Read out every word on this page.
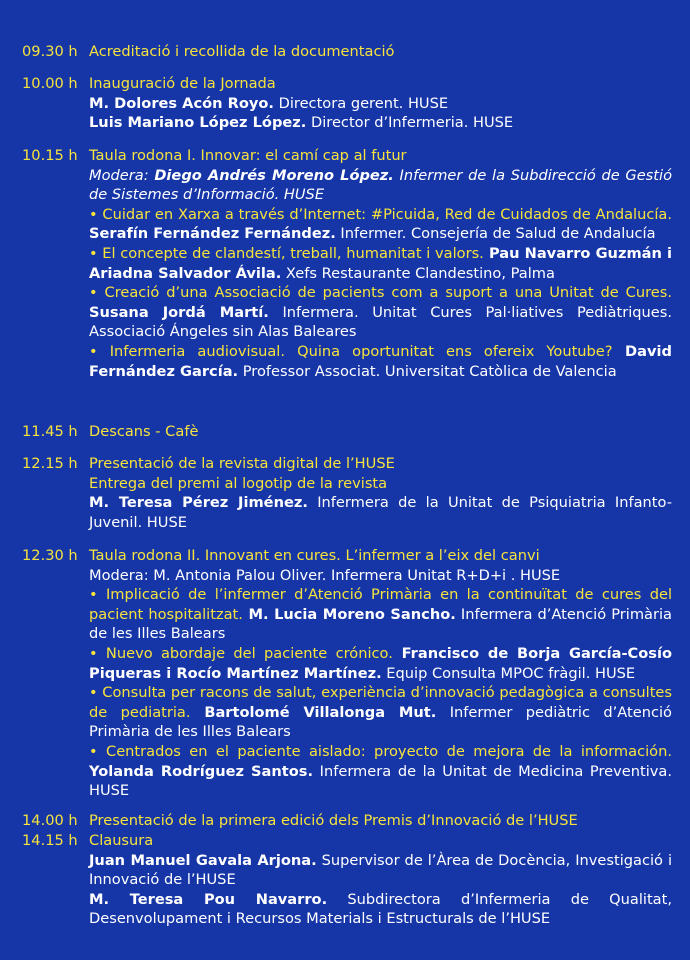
09.30 h Acreditació i recollida de la documentació
10.00 h Inauguració de la Jornada
M. Dolores Acón Royo. Directora gerent. HUSE
Luis Mariano López López. Director d’Infermeria. HUSE
10.15 h Taula rodona I. Innovar: el camí cap al futur
Modera: Diego Andrés Moreno López. Infermer de la Subdirecció de Gestió de Sistemes d’Informació. HUSE
• Cuidar en Xarxa a través d’Internet: #Picuida, Red de Cuidados de Andalucía. Serafín Fernández Fernández. Infermer. Consejería de Salud de Andalucía
• El concepte de clandestí, treball, humanitat i valors. Pau Navarro Guzmán i Ariadna Salvador Ávila. Xefs Restaurante Clandestino, Palma
• Creació d’una Associació de pacients com a suport a una Unitat de Cures. Susana Jordá Martí. Infermera. Unitat Cures Pal·liatives Pediàtriques. Associació Ángeles sin Alas Baleares
• Infermeria audiovisual. Quina oportunitat ens ofereix Youtube? David Fernández García. Professor Associat. Universitat Catòlica de Valencia
11.45 h Descans - Cafè
12.15 h Presentació de la revista digital de l’HUSE
Entrega del premi al logotip de la revista
M. Teresa Pérez Jiménez. Infermera de la Unitat de Psiquiatria Infanto-Juvenil. HUSE
12.30 h Taula rodona II. Innovant en cures. L’infermer a l’eix del canvi
Modera: M. Antonia Palou Oliver. Infermera Unitat R+D+i . HUSE
• Implicació de l’infermer d’Atenció Primària en la continuïtat de cures del pacient hospitalitzat. M. Lucia Moreno Sancho. Infermera d’Atenció Primària de les Illes Balears
• Nuevo abordaje del paciente crónico. Francisco de Borja García-Cosío Piqueras i Rocío Martínez Martínez. Equip Consulta MPOC fràgil. HUSE
• Consulta per racons de salut, experiència d’innovació pedagògica a consultes de pediatria. Bartolomé Villalonga Mut. Infermer pediàtric d’Atenció Primària de les Illes Balears
• Centrados en el paciente aislado: proyecto de mejora de la información. Yolanda Rodríguez Santos. Infermera de la Unitat de Medicina Preventiva. HUSE
14.00 h Presentació de la primera edició dels Premis d’Innovació de l’HUSE
14.15 h Clausura
Juan Manuel Gavala Arjona. Supervisor de l’Àrea de Docència, Investigació i Innovació de l’HUSE
M. Teresa Pou Navarro. Subdirectora d’Infermeria de Qualitat, Desenvolupament i Recursos Materials i Estructurals de l’HUSE
